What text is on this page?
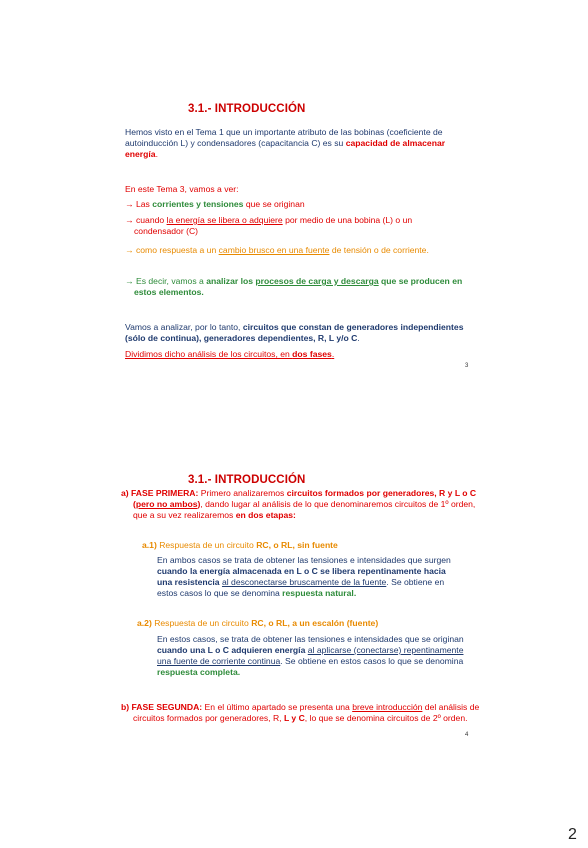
3.1.- INTRODUCCIÓN
Hemos visto en el Tema 1 que un importante atributo de las bobinas (coeficiente de autoinducción L) y condensadores (capacitancia C) es su capacidad de almacenar energía.
En este Tema 3, vamos a ver:
→ Las corrientes y tensiones que se originan
→ cuando la energía se libera o adquiere por medio de una bobina (L) o un condensador (C)
→ como respuesta a un cambio brusco en una fuente de tensión o de corriente.
→ Es decir, vamos a analizar los procesos de carga y descarga que se producen en estos elementos.
Vamos a analizar, por lo tanto, circuitos que constan de generadores independientes (sólo de continua), generadores dependientes, R, L y/o C.
Dividimos dicho análisis de los circuitos, en dos fases.
3
3.1.- INTRODUCCIÓN
a) FASE PRIMERA: Primero analizaremos circuitos formados por generadores, R y L o C (pero no ambos), dando lugar al análisis de lo que denominaremos circuitos de 1º orden, que a su vez realizaremos en dos etapas:
a.1) Respuesta de un circuito RC, o RL, sin fuente
En ambos casos se trata de obtener las tensiones e intensidades que surgen cuando la energía almacenada en L o C se libera repentinamente hacia una resistencia al desconectarse bruscamente de la fuente. Se obtiene en estos casos lo que se denomina respuesta natural.
a.2) Respuesta de un circuito RC, o RL, a un escalón (fuente)
En estos casos, se trata de obtener las tensiones e intensidades que se originan cuando una L o C adquieren energía al aplicarse (conectarse) repentinamente una fuente de corriente continua. Se obtiene en estos casos lo que se denomina respuesta completa.
b) FASE SEGUNDA: En el último apartado se presenta una breve introducción del análisis de circuitos formados por generadores, R, L y C, lo que se denomina circuitos de 2º orden.
4
2
